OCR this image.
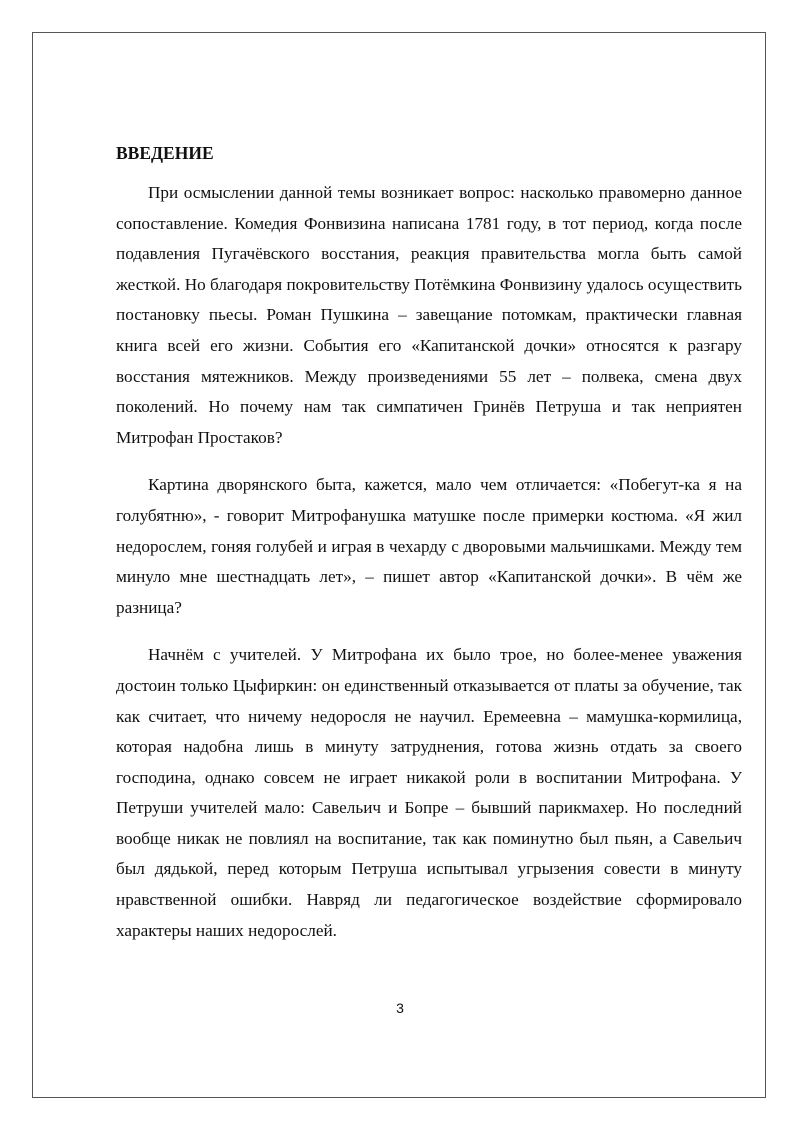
ВВЕДЕНИЕ

При осмыслении данной темы возникает вопрос: насколько правомерно данное сопоставление. Комедия Фонвизина написана 1781 году, в тот период, когда после подавления Пугачёвского восстания, реакция правительства могла быть самой жесткой. Но благодаря покровительству Потёмкина Фонвизину удалось осуществить постановку пьесы. Роман Пушкина – завещание потомкам, практически главная книга всей его жизни. События его «Капитанской дочки» относятся к разгару восстания мятежников. Между произведениями 55 лет – полвека, смена двух поколений. Но почему нам так симпатичен Гринёв Петруша и так неприятен Митрофан Простаков?

Картина дворянского быта, кажется, мало чем отличается: «Побегут-ка я на голубятню», - говорит Митрофанушка матушке после примерки костюма. «Я жил недорослем, гоняя голубей и играя в чехарду с дворовыми мальчишками. Между тем минуло мне шестнадцать лет», – пишет автор «Капитанской дочки». В чём же разница?

Начнём с учителей. У Митрофана их было трое, но более-менее уважения достоин только Цыфиркин: он единственный отказывается от платы за обучение, так как считает, что ничему недоросля не научил. Еремеевна – мамушка-кормилица, которая надобна лишь в минуту затруднения, готова жизнь отдать за своего господина, однако совсем не играет никакой роли в воспитании Митрофана. У Петруши учителей мало: Савельич и Бопре – бывший парикмахер. Но последний вообще никак не повлиял на воспитание, так как поминутно был пьян, а Савельич был дядькой, перед которым Петруша испытывал угрызения совести в минуту нравственной ошибки. Навряд ли педагогическое воздействие сформировало характеры наших недорослей.

3
